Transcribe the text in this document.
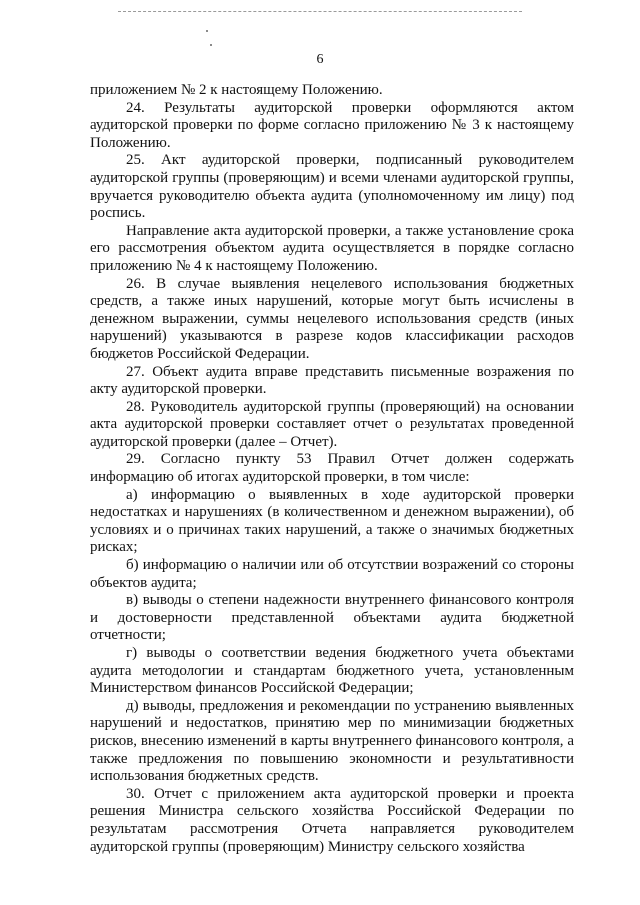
6

приложением № 2 к настоящему Положению.

24. Результаты аудиторской проверки оформляются актом аудиторской проверки по форме согласно приложению № 3 к настоящему Положению.

25. Акт аудиторской проверки, подписанный руководителем аудиторской группы (проверяющим) и всеми членами аудиторской группы, вручается руководителю объекта аудита (уполномоченному им лицу) под роспись.

Направление акта аудиторской проверки, а также установление срока его рассмотрения объектом аудита осуществляется в порядке согласно приложению № 4 к настоящему Положению.

26. В случае выявления нецелевого использования бюджетных средств, а также иных нарушений, которые могут быть исчислены в денежном выражении, суммы нецелевого использования средств (иных нарушений) указываются в разрезе кодов классификации расходов бюджетов Российской Федерации.

27. Объект аудита вправе представить письменные возражения по акту аудиторской проверки.

28. Руководитель аудиторской группы (проверяющий) на основании акта аудиторской проверки составляет отчет о результатах проведенной аудиторской проверки (далее – Отчет).

29. Согласно пункту 53 Правил Отчет должен содержать информацию об итогах аудиторской проверки, в том числе:

а) информацию о выявленных в ходе аудиторской проверки недостатках и нарушениях (в количественном и денежном выражении), об условиях и о причинах таких нарушений, а также о значимых бюджетных рисках;

б) информацию о наличии или об отсутствии возражений со стороны объектов аудита;

в) выводы о степени надежности внутреннего финансового контроля и достоверности представленной объектами аудита бюджетной отчетности;

г) выводы о соответствии ведения бюджетного учета объектами аудита методологии и стандартам бюджетного учета, установленным Министерством финансов Российской Федерации;

д) выводы, предложения и рекомендации по устранению выявленных нарушений и недостатков, принятию мер по минимизации бюджетных рисков, внесению изменений в карты внутреннего финансового контроля, а также предложения по повышению экономности и результативности использования бюджетных средств.

30. Отчет с приложением акта аудиторской проверки и проекта решения Министра сельского хозяйства Российской Федерации по результатам рассмотрения Отчета направляется руководителем аудиторской группы (проверяющим) Министру сельского хозяйства
